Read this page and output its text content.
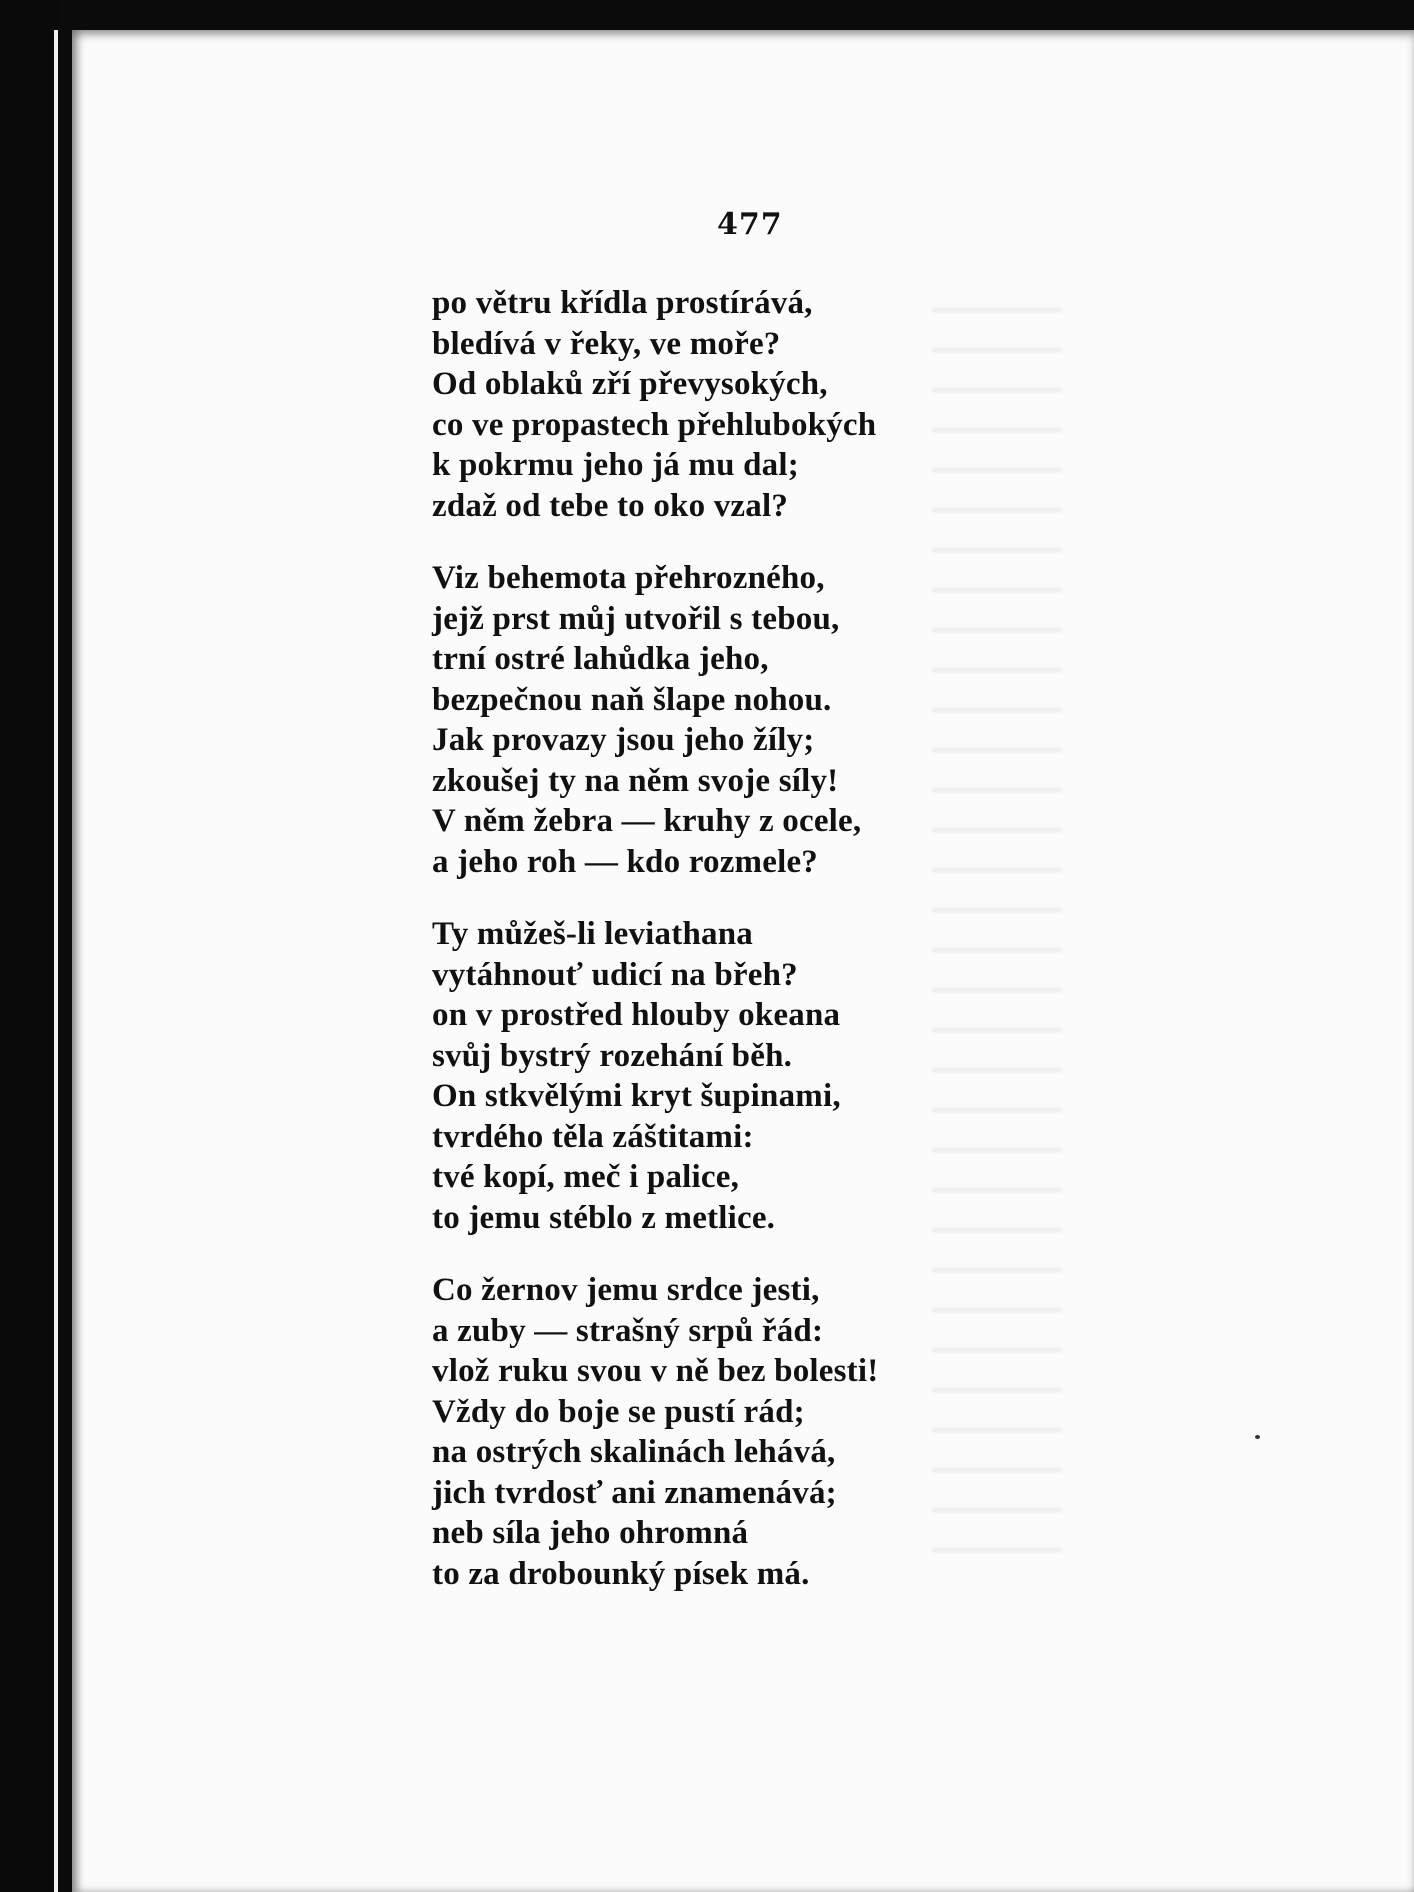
477
po větru křídla prostírává,
bledívá v řeky, ve moře?
Od oblaků zří převysokých,
co ve propastech přehlubokých
k pokrmu jeho já mu dal;
zdaž od tebe to oko vzal?
Viz behemota přehrozného,
jejž prst můj utvořil s tebou,
trní ostré lahůdka jeho,
bezpečnou naň šlape nohou.
Jak provazy jsou jeho žíly;
zkoušej ty na něm svoje síly!
V něm žebra — kruhy z ocele,
a jeho roh — kdo rozmele?
Ty můžeš-li leviathana
vytáhnouť udicí na břeh?
on v prostřed hlouby okeana
svůj bystrý rozehání běh.
On stkvělými kryt šupinami,
tvrdého těla záštitami:
tvé kopí, meč i palice,
to jemu stéblo z metlice.
Co žernov jemu srdce jesti,
a zuby — strašný srpů řád:
vlož ruku svou v ně bez bolesti!
Vždy do boje se pustí rád;
na ostrých skalinách lehává,
jich tvrdosť ani znamenává;
neb síla jeho ohromná
to za drobounký písek má.
